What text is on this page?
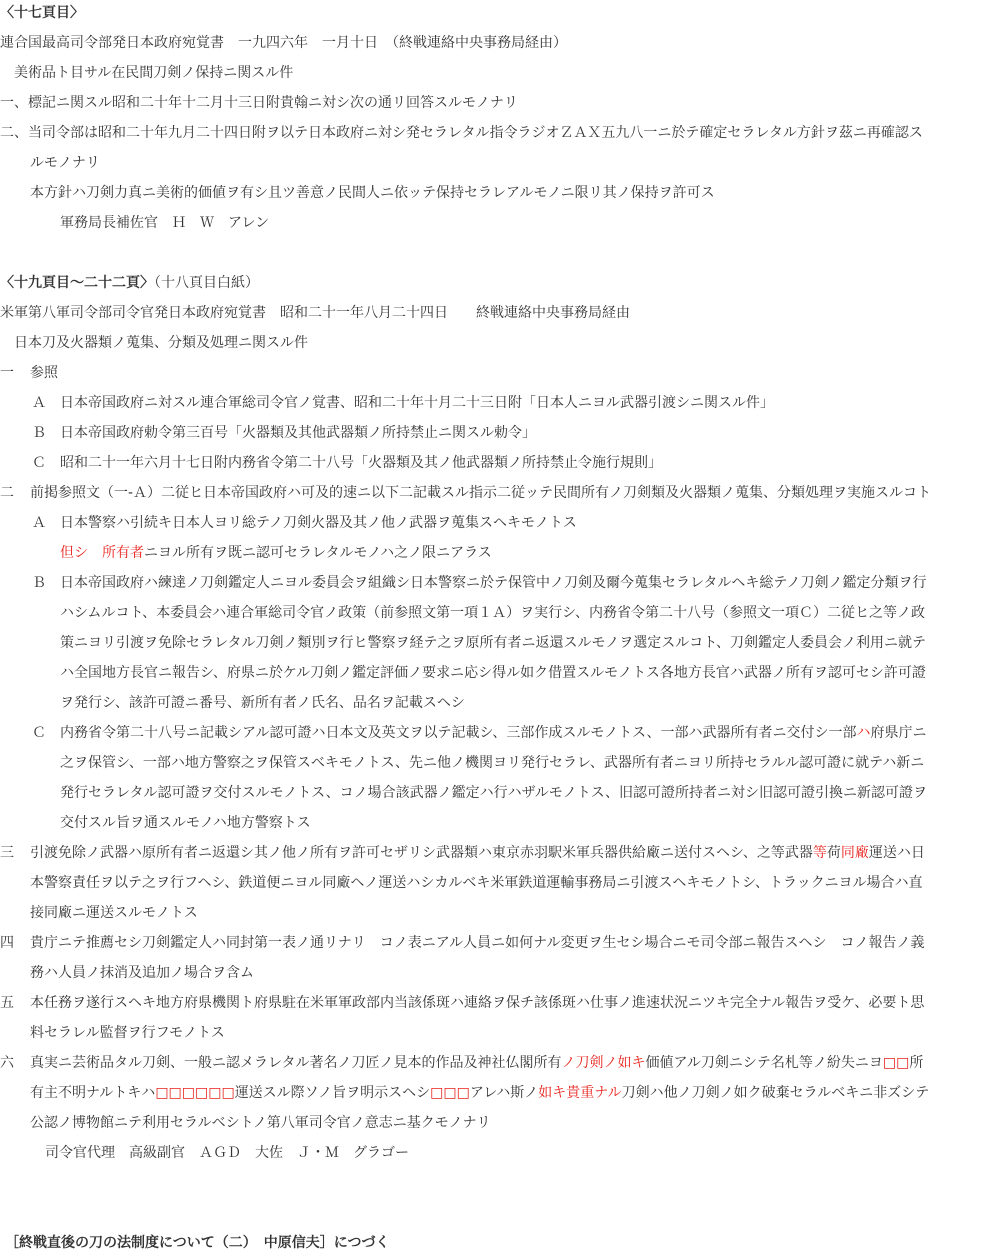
〈十七頁目〉
連合国最高司令部発日本政府宛覚書　一九四六年　一月十日　（終戦連絡中央事務局経由）
美術品ト目サル在民間刀剣ノ保持ニ関スル件
一、標記ニ関スル昭和二十年十二月十三日附貴翰ニ対シ次の通リ回答スルモノナリ
二、当司令部は昭和二十年九月二十四日附ヲ以テ日本政府ニ対シ発セラレタル指令ラジオＺＡＸ五九八一ニ於テ確定セラレタル方針ヲ茲ニ再確認ス
ルモノナリ
本方針ハ刀剣力真ニ美術的価値ヲ有シ且ツ善意ノ民間人ニ依ッテ保持セラレアルモノニ限リ其ノ保持ヲ許可ス
軍務局長補佐官　Ｈ　Ｗ　アレン
〈十九頁目～二十二頁〉（十八頁目白紙）
米軍第八軍司令部司令官発日本政府宛覚書　昭和二十一年八月二十四日　　終戦連絡中央事務局経由
日本刀及火器類ノ蒐集、分類及処理ニ関スル件
一 参照
Ａ 日本帝国政府ニ対スル連合軍総司令官ノ覚書、昭和二十年十月二十三日附「日本人ニヨル武器引渡シニ関スル件」
Ｂ 日本帝国政府勅令第三百号「火器類及其他武器類ノ所持禁止ニ関スル勅令」
Ｃ 昭和二十一年六月十七日附内務省令第二十八号「火器類及其ノ他武器類ノ所持禁止令施行規則」
二 前掲参照文（一-Ａ）二従ヒ日本帝国政府ハ可及的速ニ以下二記載スル指示二従ッテ民間所有ノ刀剣類及火器類ノ蒐集、分類処理ヲ実施スルコト
Ａ 日本警察ハ引続キ日本人ヨリ総テノ刀剣火器及其ノ他ノ武器ヲ蒐集スヘキモノトス
但シ　所有者ニヨル所有ヲ既ニ認可セラレタルモノハ之ノ限ニアラス
Ｂ 日本帝国政府ハ練達ノ刀剣鑑定人ニヨル委員会ヲ組織シ日本警察ニ於テ保管中ノ刀剣及爾今蒐集セラレタルヘキ総テノ刀剣ノ鑑定分類ヲ行
ハシムルコト、本委員会ハ連合軍総司令官ノ政策（前参照文第一項１Ａ）ヲ実行シ、内務省令第二十八号（参照文一項Ｃ）二従ヒ之等ノ政
策ニヨリ引渡ヲ免除セラレタル刀剣ノ類別ヲ行ヒ警察ヲ経テ之ヲ原所有者ニ返還スルモノヲ選定スルコト、刀剣鑑定人委員会ノ利用ニ就テ
ハ全国地方長官ニ報告シ、府県ニ於ケル刀剣ノ鑑定評価ノ要求ニ応シ得ル如ク借置スルモノトス各地方長官ハ武器ノ所有ヲ認可セシ許可證
ヲ発行シ、該許可證ニ番号、新所有者ノ氏名、品名ヲ記載スヘシ
Ｃ 内務省令第二十八号ニ記載シアル認可證ハ日本文及英文ヲ以テ記載シ、三部作成スルモノトス、一部ハ武器所有者ニ交付シ一部ハ府県庁ニ
之ヲ保管シ、一部ハ地方警察之ヲ保管スベキモノトス、先ニ他ノ機関ヨリ発行セラレ、武器所有者ニヨリ所持セラルル認可證に就テハ新ニ
発行セラレタル認可證ヲ交付スルモノトス、コノ場合該武器ノ鑑定ハ行ハザルモノトス、旧認可證所持者ニ対シ旧認可證引換ニ新認可證ヲ
交付スル旨ヲ通スルモノハ地方警察トス
三 引渡免除ノ武器ハ原所有者ニ返還シ其ノ他ノ所有ヲ許可セザリシ武器類ハ東京赤羽駅米軍兵器供給廠ニ送付スヘシ、之等武器等荷同廠運送ハ日
本警察責任ヲ以テ之ヲ行フヘシ、鉄道便ニヨル同廠ヘノ運送ハシカルベキ米軍鉄道運輸事務局ニ引渡スヘキモノトシ、トラックニヨル場合ハ直
接同廠ニ運送スルモノトス
四 貴庁ニテ推薦セシ刀剣鑑定人ハ同封第一表ノ通リナリ　コノ表ニアル人員ニ如何ナル変更ヲ生セシ場合ニモ司令部ニ報告スヘシ　コノ報告ノ義
務ハ人員ノ抹消及追加ノ場合ヲ含ム
五 本任務ヲ遂行スヘキ地方府県機関ト府県駐在米軍軍政部内当該係斑ハ連絡ヲ保チ該係斑ハ仕事ノ進速状況ニツキ完全ナル報告ヲ受ケ、必要ト思
料セラレル監督ヲ行フモノトス
六 真実ニ芸術品タル刀剣、一般ニ認メラレタル著名ノ刀匠ノ見本的作品及神社仏閣所有ノ刀剣ノ如キ価値アル刀剣ニシテ名札等ノ紛失ニヨ□□所
有主不明ナルトキハ□□□□□□運送スル際ソノ旨ヲ明示スヘシ□□□アレハ斯ノ如キ貴重ナル刀剣ハ他ノ刀剣ノ如ク破棄セラルベキニ非ズシテ
公認ノ博物館ニテ利用セラルベシトノ第八軍司令官ノ意志ニ基クモノナリ
司令官代理　高級副官　ＡＧＤ　大佐　Ｊ・Ｍ　グラゴー
［終戦直後の刀の法制度について（二）　中原信夫］につづく
